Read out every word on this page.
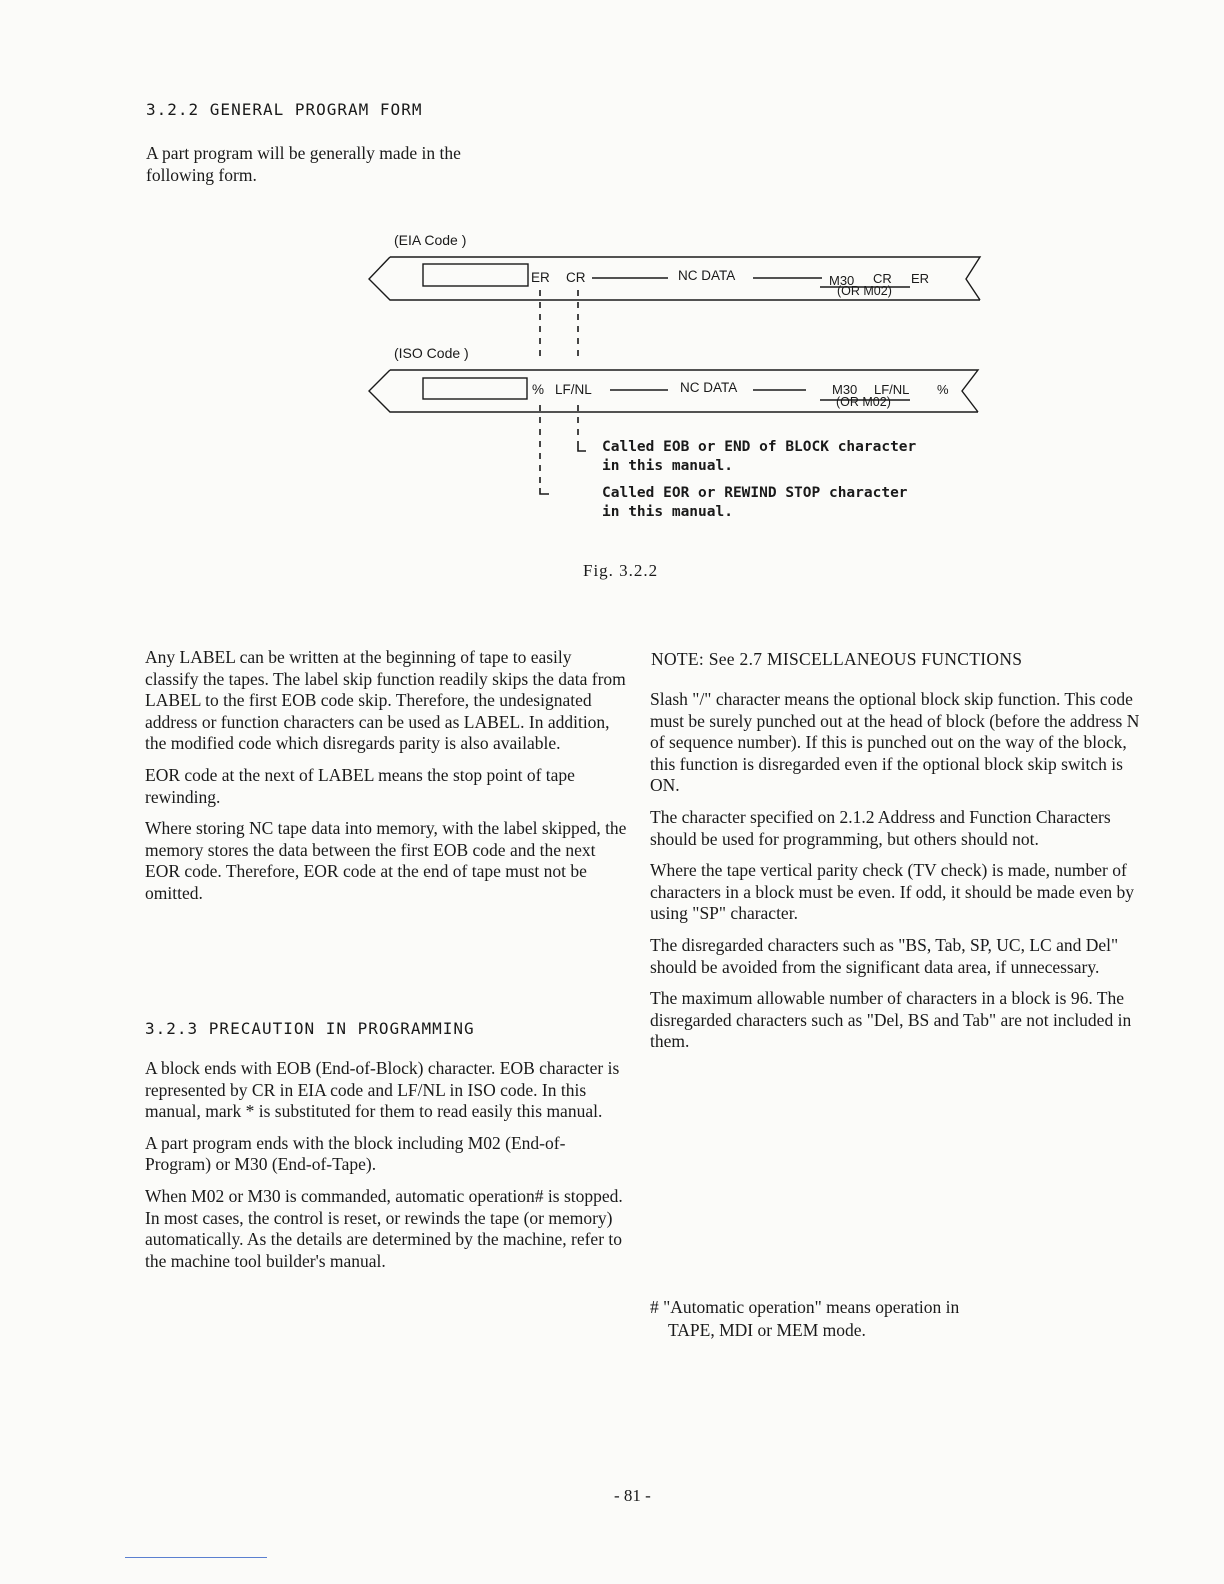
3.2.2 GENERAL PROGRAM FORM
A part program will be generally made in the
following form.
(EIA Code )
(ISO Code )
ER CR	NC DATA	M30 CR
(OR M02)
ER
% LF/NL	NC DATA	M30 LF/NL %
(OR M02)
Called EOB or END of BLOCK character
in this manual.
Called EOR or REWIND STOP character
in this manual.
Fig. 3.2.2

Any LABEL can be written at the beginning of tape to easily classify the tapes. The label skip function readily skips the data from LABEL to the first EOB code skip. Therefore, the undesignated address or function characters can be used as LABEL. In addition, the modified code which disregards parity is also available.

EOR code at the next of LABEL means the stop point of tape rewinding.

Where storing NC tape data into memory, with the label skipped, the memory stores the data between the first EOB code and the next EOR code. Therefore, EOR code at the end of tape must not be omitted.

3.2.3 PRECAUTION IN PROGRAMMING

A block ends with EOB (End-of-Block) character. EOB character is represented by CR in EIA code and LF/NL in ISO code. In this manual, mark * is substituted for them to read easily this manual.

A part program ends with the block including M02 (End-of-Program) or M30 (End-of-Tape).

When M02 or M30 is commanded, automatic operation# is stopped. In most cases, the control is reset, or rewinds the tape (or memory) automatically. As the details are determined by the machine, refer to the machine tool builder's manual.

NOTE: See 2.7 MISCELLANEOUS FUNCTIONS

Slash "/" character means the optional block skip function. This code must be surely punched out at the head of block (before the address N of sequence number). If this is punched out on the way of the block, this function is disregarded even if the optional block skip switch is ON.

The character specified on 2.1.2 Address and Function Characters should be used for programming, but others should not.

Where the tape vertical parity check (TV check) is made, number of characters in a block must be even. If odd, it should be made even by using "SP" character.

The disregarded characters such as "BS, Tab, SP, UC, LC and Del" should be avoided from the significant data area, if unnecessary.

The maximum allowable number of characters in a block is 96. The disregarded characters such as "Del, BS and Tab" are not included in them.

# "Automatic operation" means operation in
TAPE, MDI or MEM mode.
- 81 -
